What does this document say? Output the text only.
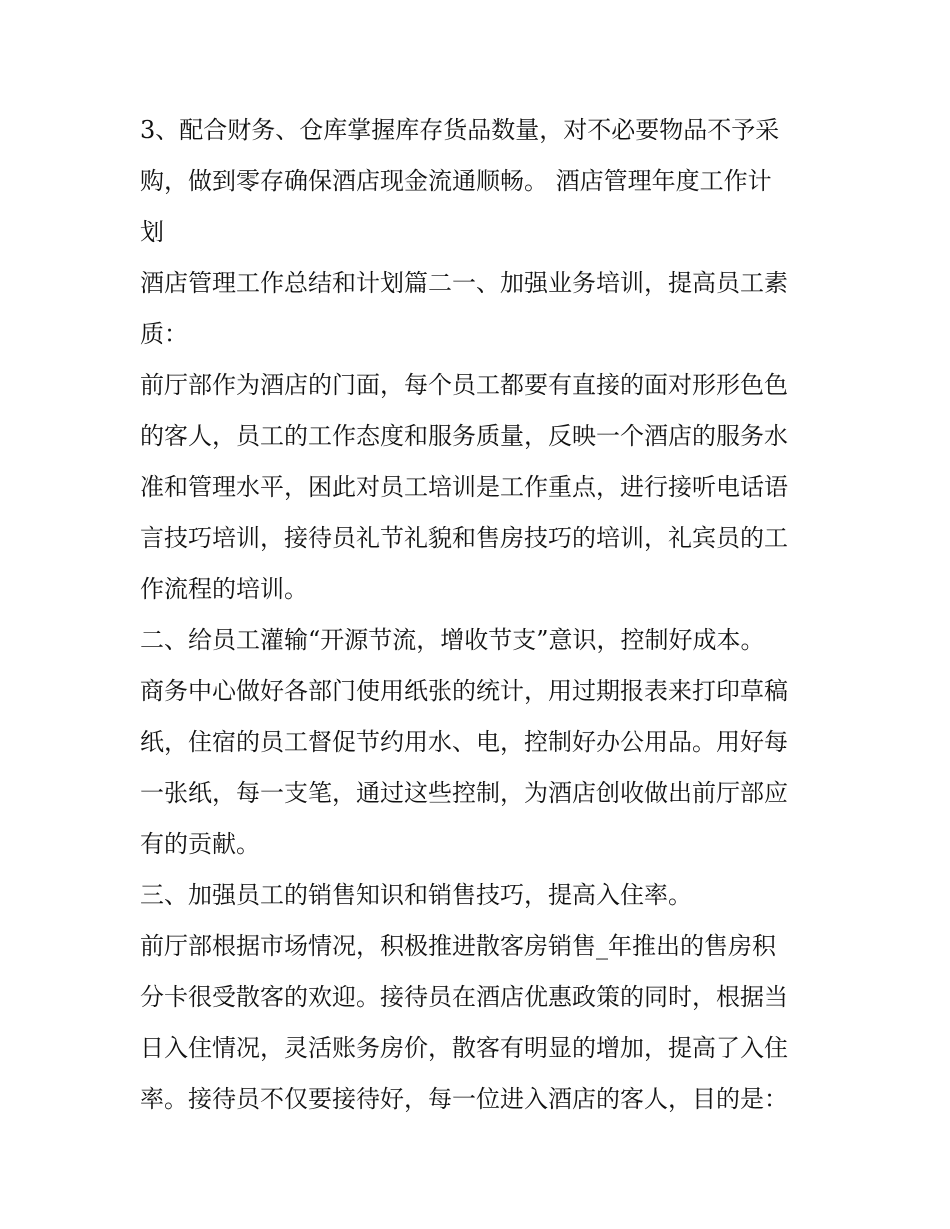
3、配合财务、仓库掌握库存货品数量，对不必要物品不予采
购，做到零存确保酒店现金流通顺畅。 酒店管理年度工作计
划
酒店管理工作总结和计划篇二一、加强业务培训，提高员工素
质：
前厅部作为酒店的门面，每个员工都要有直接的面对形形色色
的客人，员工的工作态度和服务质量，反映一个酒店的服务水
准和管理水平，困此对员工培训是工作重点，进行接听电话语
言技巧培训，接待员礼节礼貌和售房技巧的培训，礼宾员的工
作流程的培训。
二、给员工灌输“开源节流，增收节支”意识，控制好成本。
商务中心做好各部门使用纸张的统计，用过期报表来打印草稿
纸，住宿的员工督促节约用水、电，控制好办公用品。用好每
一张纸，每一支笔，通过这些控制，为酒店创收做出前厅部应
有的贡献。
三、加强员工的销售知识和销售技巧，提高入住率。
前厅部根据市场情况，积极推进散客房销售_年推出的售房积
分卡很受散客的欢迎。接待员在酒店优惠政策的同时，根据当
日入住情况，灵活账务房价，散客有明显的增加，提高了入住
率。接待员不仅要接待好，每一位进入酒店的客人，目的是：
